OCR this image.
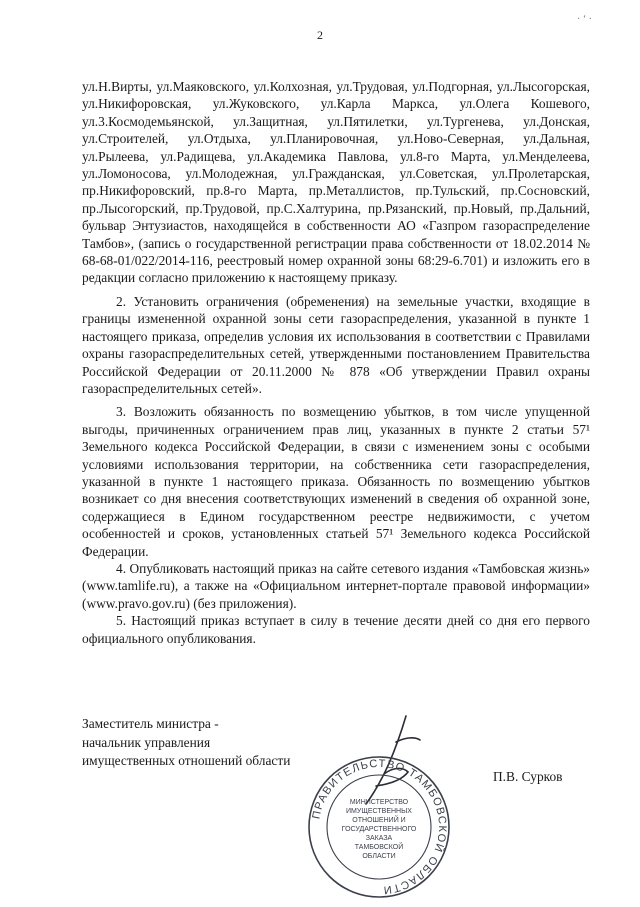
· ʻ ·
2

ул.Н.Вирты, ул.Маяковского, ул.Колхозная, ул.Трудовая, ул.Подгорная, ул.Лысогорская, ул.Никифоровская, ул.Жуковского, ул.Карла Маркса, ул.Олега Кошевого, ул.3.Космодемьянской, ул.Защитная, ул.Пятилетки, ул.Тургенева, ул.Донская, ул.Строителей, ул.Отдыха, ул.Планировочная, ул.Ново-Северная, ул.Дальная, ул.Рылеева, ул.Радищева, ул.Академика Павлова, ул.8-го Марта, ул.Менделеева, ул.Ломоносова, ул.Молодежная, ул.Гражданская, ул.Советская, ул.Пролетарская, пр.Никифоровский, пр.8-го Марта, пр.Металлистов, пр.Тульский, пр.Сосновский, пр.Лысогорский, пр.Трудовой, пр.С.Халтурина, пр.Рязанский, пр.Новый, пр.Дальний, бульвар Энтузиастов, находящейся в собственности АО «Газпром газораспределение Тамбов», (запись о государственной регистрации права собственности от 18.02.2014 № 68-68-01/022/2014-116, реестровый номер охранной зоны 68:29-6.701) и изложить его в редакции согласно приложению к настоящему приказу.

2. Установить ограничения (обременения) на земельные участки, входящие в границы измененной охранной зоны сети газораспределения, указанной в пункте 1 настоящего приказа, определив условия их использования в соответствии с Правилами охраны газораспределительных сетей, утвержденными постановлением Правительства Российской Федерации от 20.11.2000 № 878 «Об утверждении Правил охраны газораспределительных сетей».

3. Возложить обязанность по возмещению убытков, в том числе упущенной выгоды, причиненных ограничением прав лиц, указанных в пункте 2 статьи 57¹ Земельного кодекса Российской Федерации, в связи с изменением зоны с особыми условиями использования территории, на собственника сети газораспределения, указанной в пункте 1 настоящего приказа. Обязанность по возмещению убытков возникает со дня внесения соответствующих изменений в сведения об охранной зоне, содержащиеся в Едином государственном реестре недвижимости, с учетом особенностей и сроков, установленных статьей 57¹ Земельного кодекса Российской Федерации.

4. Опубликовать настоящий приказ на сайте сетевого издания «Тамбовская жизнь» (www.tamlife.ru), а также на «Официальном интернет-портале правовой информации» (www.pravo.gov.ru) (без приложения).

5. Настоящий приказ вступает в силу в течение десяти дней со дня его первого официального опубликования.

Заместитель министра -
начальник управления
имущественных отношений области
П.В. Сурков
ПРАВИТЕЛЬСТВО ТАМБОВСКОЙ ОБЛАСТИ
МИНИСТЕРСТВО
ИМУЩЕСТВЕННЫХ
ОТНОШЕНИЙ И
ГОСУДАРСТВЕННОГО
ЗАКАЗА
ТАМБОВСКОЙ
ОБЛАСТИ
